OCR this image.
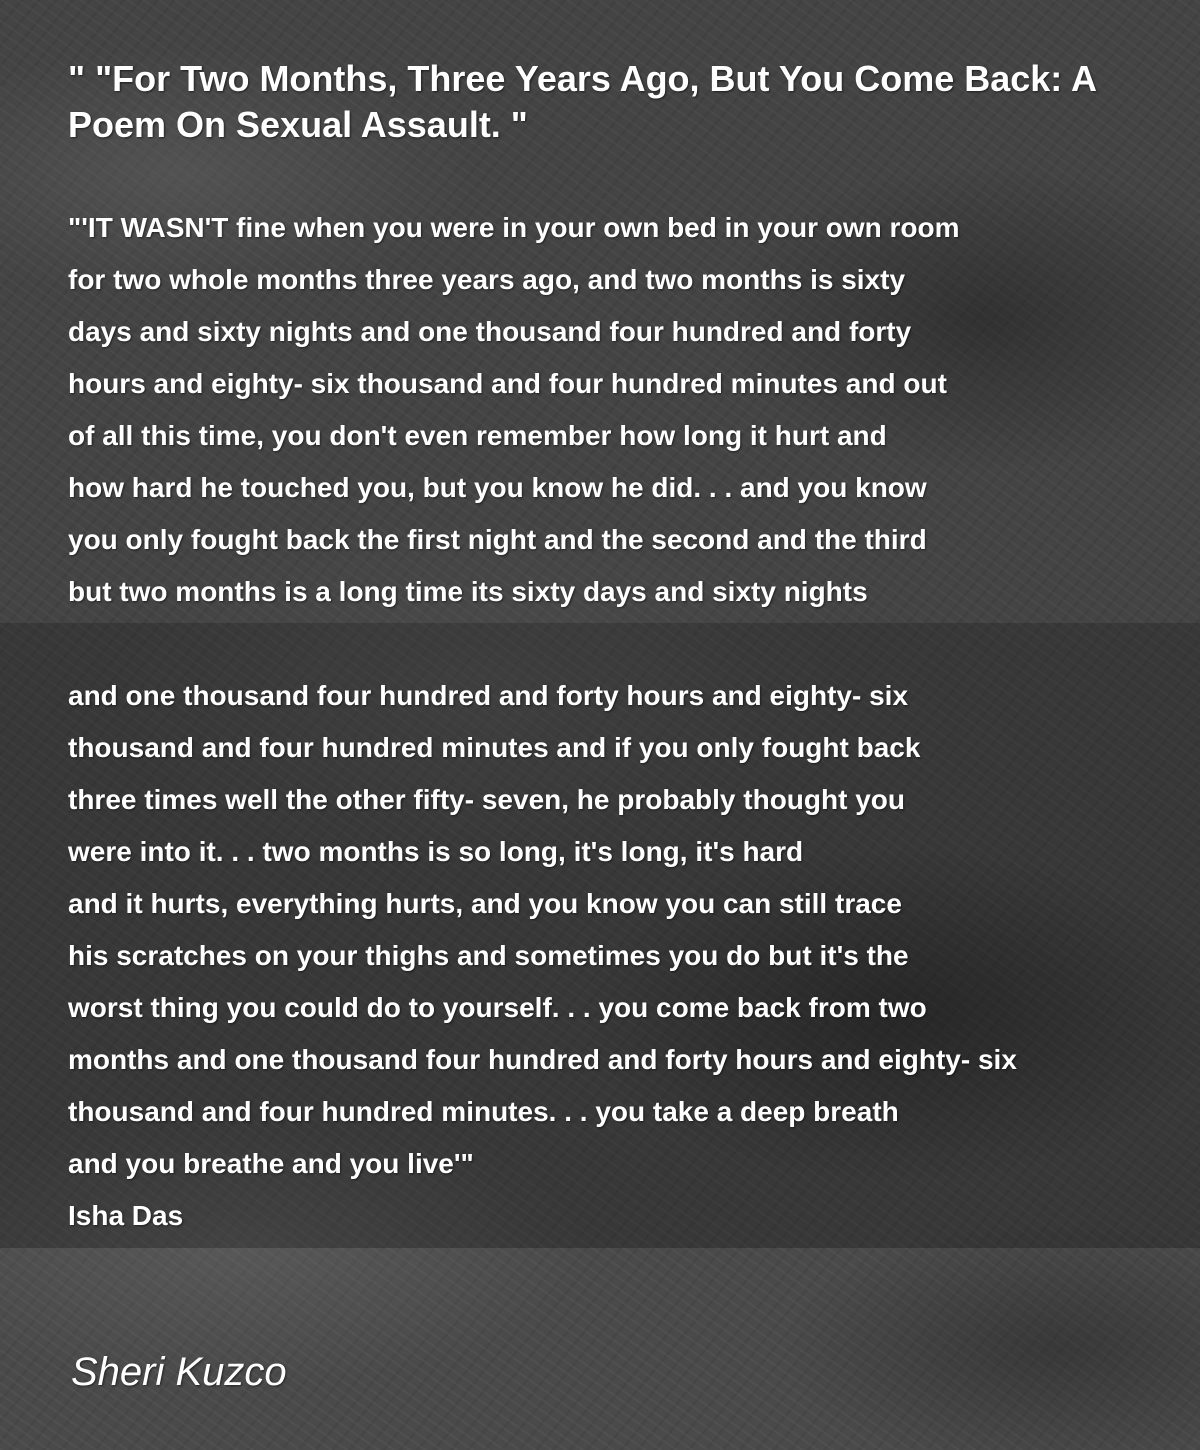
" "For Two Months, Three Years Ago, But You Come Back: A Poem On Sexual Assault. "
"'IT WASN'T fine when you were in your own bed in your own room
for two whole months three years ago, and two months is sixty
days and sixty nights and one thousand four hundred and forty
hours and eighty- six thousand and four hundred minutes and out
of all this time, you don't even remember how long it hurt and
how hard he touched you, but you know he did. . . and you know
you only fought back the first night and the second and the third
but two months is a long time its sixty days and sixty nights
and one thousand four hundred and forty hours and eighty- six
thousand and four hundred minutes and if you only fought back
three times well the other fifty- seven, he probably thought you
were into it. . . two months is so long, it's long, it's hard
and it hurts, everything hurts, and you know you can still trace
his scratches on your thighs and sometimes you do but it's the
worst thing you could do to yourself. . . you come back from two
months and one thousand four hundred and forty hours and eighty- six
thousand and four hundred minutes. . . you take a deep breath
and you breathe and you live'"
Isha Das
Sheri Kuzco
